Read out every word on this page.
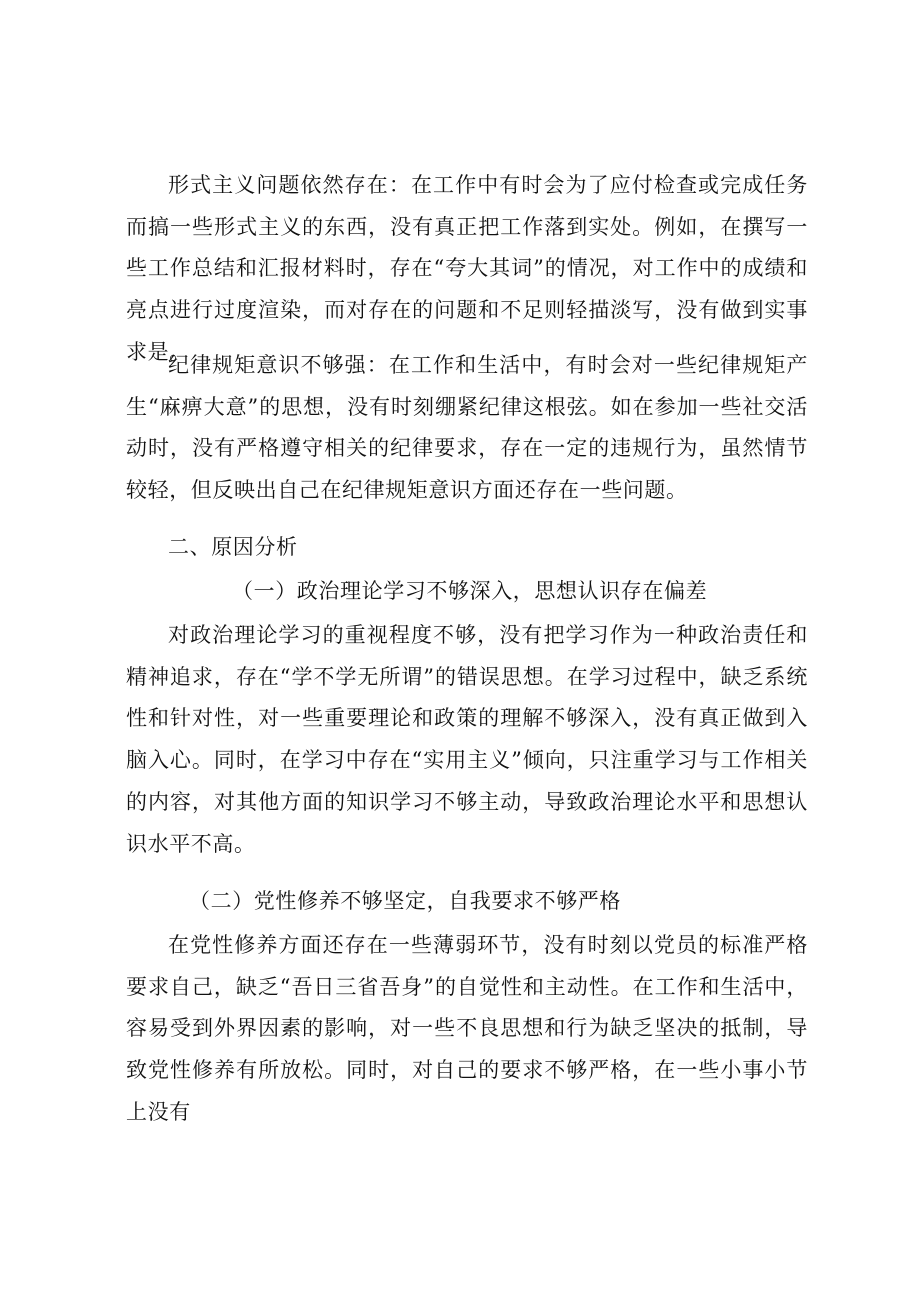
形式主义问题依然存在：在工作中有时会为了应付检查或完成任务而搞一些形式主义的东西，没有真正把工作落到实处。例如，在撰写一些工作总结和汇报材料时，存在“夸大其词”的情况，对工作中的成绩和亮点进行过度渲染，而对存在的问题和不足则轻描淡写，没有做到实事求是。

纪律规矩意识不够强：在工作和生活中，有时会对一些纪律规矩产生“麻痹大意”的思想，没有时刻绷紧纪律这根弦。如在参加一些社交活动时，没有严格遵守相关的纪律要求，存在一定的违规行为，虽然情节较轻，但反映出自己在纪律规矩意识方面还存在一些问题。

二、原因分析
（一）政治理论学习不够深入，思想认识存在偏差

对政治理论学习的重视程度不够，没有把学习作为一种政治责任和精神追求，存在“学不学无所谓”的错误思想。在学习过程中，缺乏系统性和针对性，对一些重要理论和政策的理解不够深入，没有真正做到入脑入心。同时，在学习中存在“实用主义”倾向，只注重学习与工作相关的内容，对其他方面的知识学习不够主动，导致政治理论水平和思想认识水平不高。

（二）党性修养不够坚定，自我要求不够严格

在党性修养方面还存在一些薄弱环节，没有时刻以党员的标准严格要求自己，缺乏“吾日三省吾身”的自觉性和主动性。在工作和生活中，容易受到外界因素的影响，对一些不良思想和行为缺乏坚决的抵制，导致党性修养有所放松。同时，对自己的要求不够严格，在一些小事小节上没有
